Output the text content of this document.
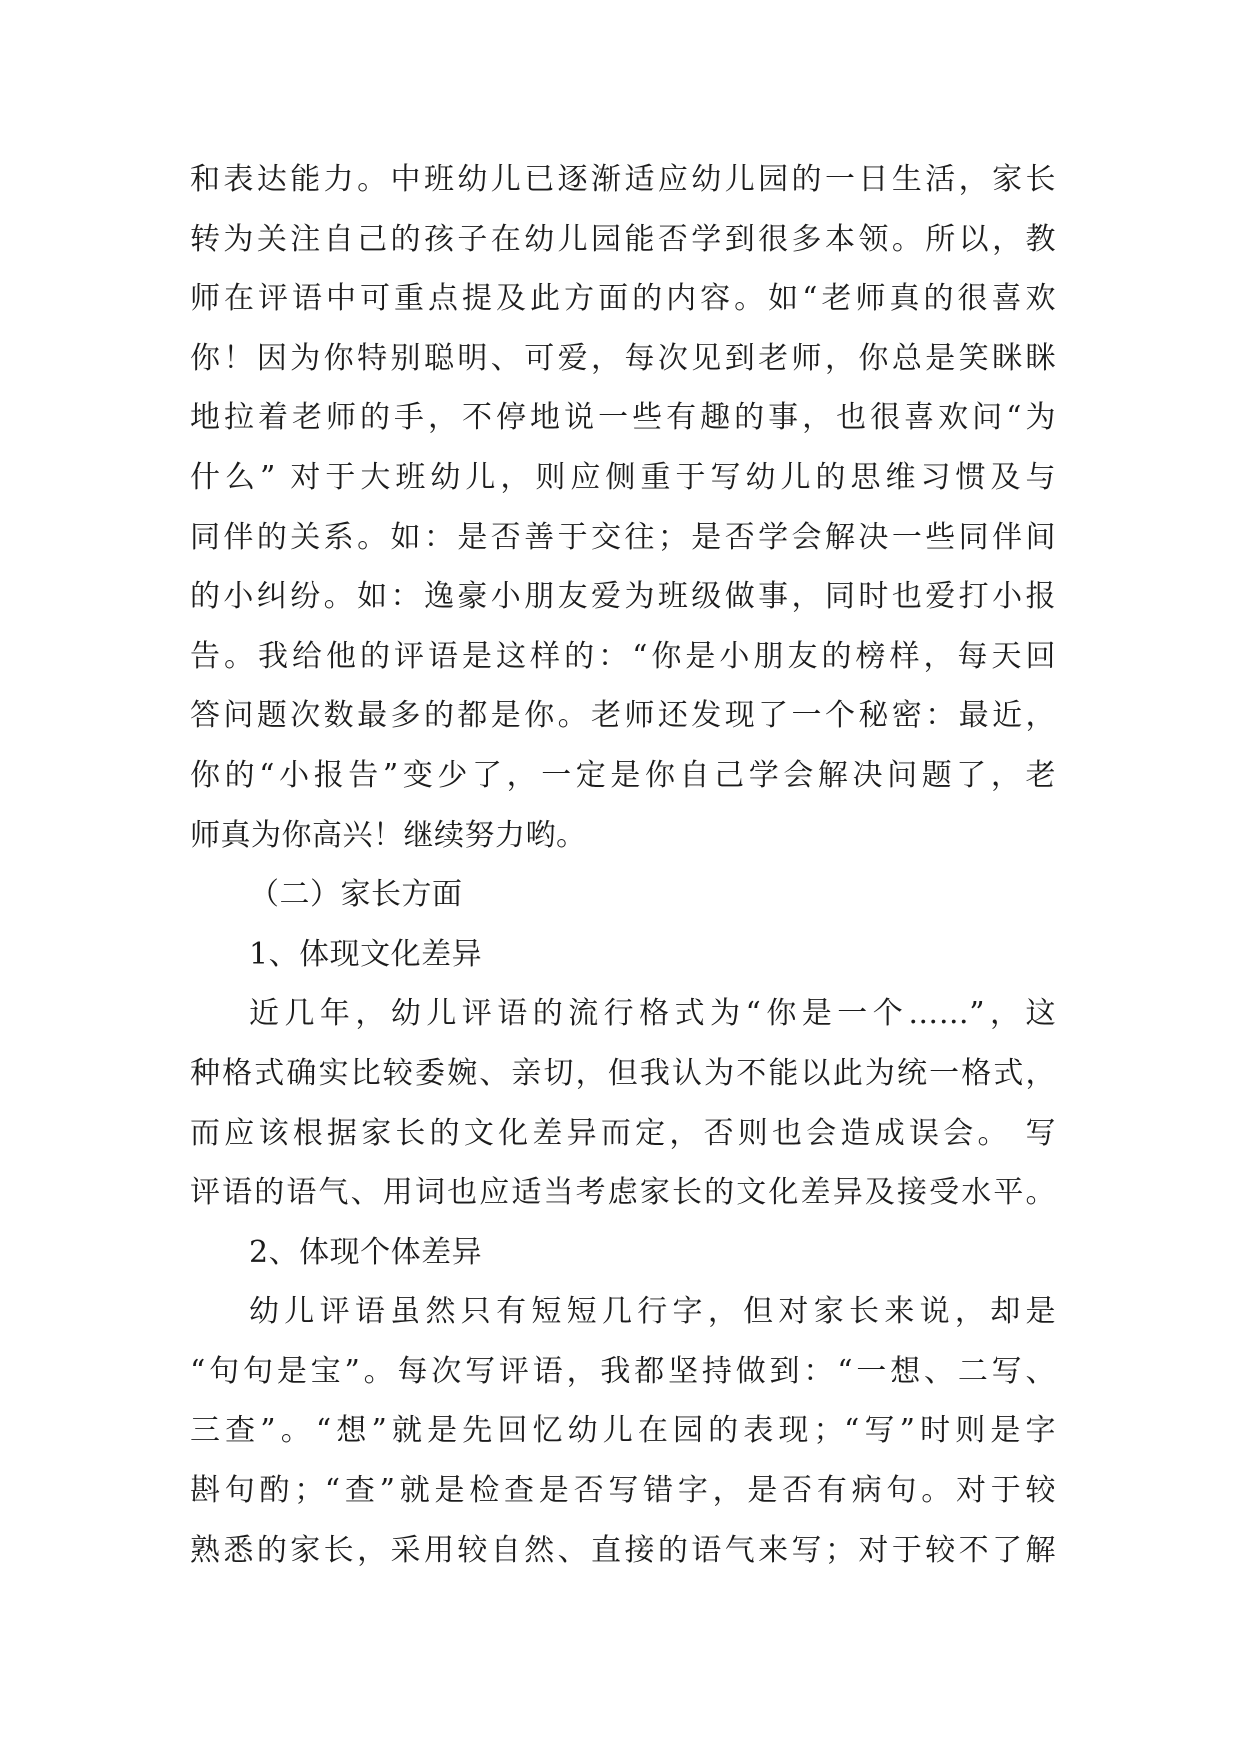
和表达能力。中班幼儿已逐渐适应幼儿园的一日生活，家长
转为关注自己的孩子在幼儿园能否学到很多本领。所以，教
师在评语中可重点提及此方面的内容。如“老师真的很喜欢
你！因为你特别聪明、可爱，每次见到老师，你总是笑眯眯
地拉着老师的手，不停地说一些有趣的事，也很喜欢问“为
什么” 对于大班幼儿，则应侧重于写幼儿的思维习惯及与
同伴的关系。如：是否善于交往；是否学会解决一些同伴间
的小纠纷。如：逸豪小朋友爱为班级做事，同时也爱打小报
告。我给他的评语是这样的：“你是小朋友的榜样，每天回
答问题次数最多的都是你。老师还发现了一个秘密：最近，
你的“小报告”变少了，一定是你自己学会解决问题了，老
师真为你高兴！继续努力哟。
（二）家长方面
1、体现文化差异
近几年，幼儿评语的流行格式为“你是一个……”，这
种格式确实比较委婉、亲切，但我认为不能以此为统一格式，
而应该根据家长的文化差异而定，否则也会造成误会。 写
评语的语气、用词也应适当考虑家长的文化差异及接受水平。
2、体现个体差异
幼儿评语虽然只有短短几行字，但对家长来说，却是
“句句是宝”。每次写评语，我都坚持做到：“一想、二写、
三查”。“想”就是先回忆幼儿在园的表现；“写”时则是字
斟句酌；“查”就是检查是否写错字，是否有病句。对于较
熟悉的家长，采用较自然、直接的语气来写；对于较不了解
